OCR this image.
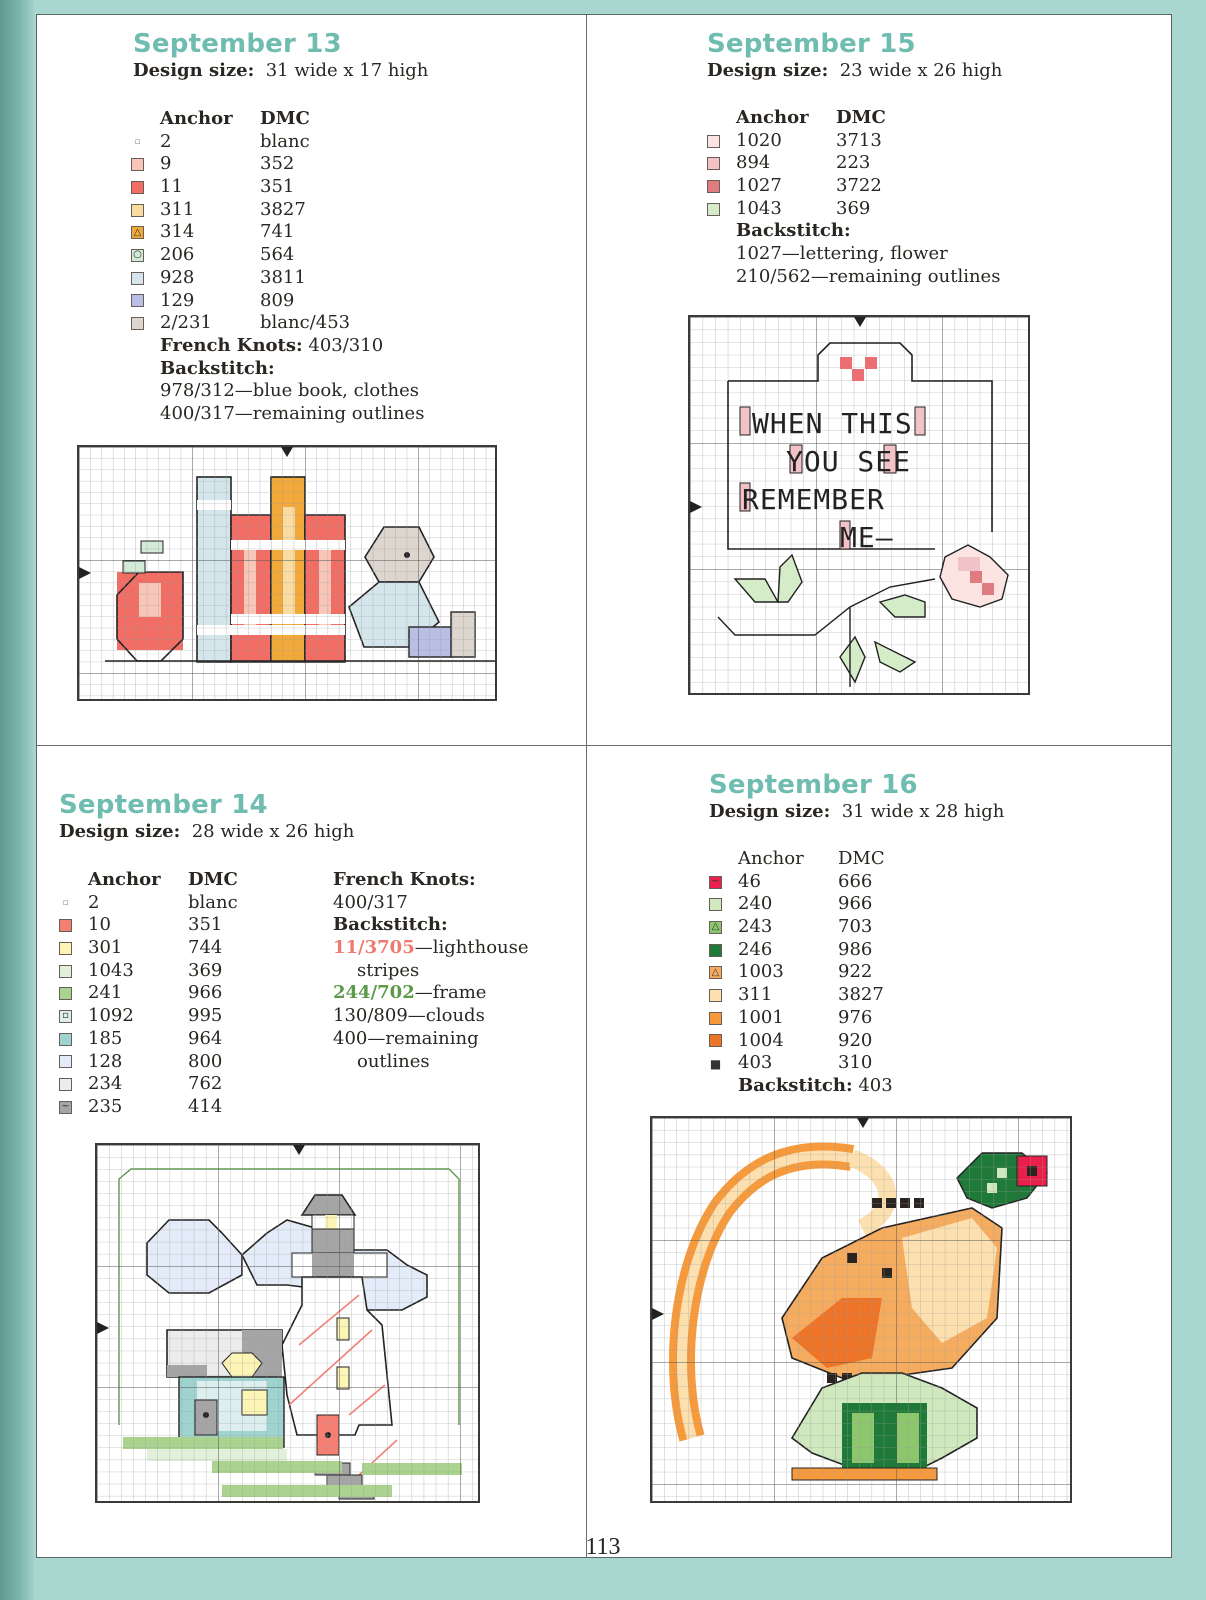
September 13
Design size: 31 wide x 17 high
Anchor	DMC
▫ 2	blanc
9	352
11	351
311	3827
△ 314	741
○ 206	564
928	3811
129	809
2/231	blanc/453
French Knots:
403/310
Backstitch:
978/312—blue book, clothes
400/317—remaining outlines
September 15
Design size: 23 wide x 26 high
Anchor	DMC
1020	3713
894	223
1027	3722
1043	369
Backstitch:
1027—lettering, flower
210/562—remaining outlines
WHEN THIS
YOU SEE
REMEMBER
ME—
September 14
Design size: 28 wide x 26 high
Anchor	DMC
▫ 2	blanc
10	351
301	744
1043	369
241	966
▫ 1092	995
185	964
128	800
234	762
~ 235	414
French Knots:
400/317
Backstitch:
11/3705 —lighthouse
stripes
244/702 —frame
130/809—clouds
400—remaining
outlines
September 16
Design size: 31 wide x 28 high
Anchor	DMC
~ 46	666
240	966
△ 243	703
246	986
△ 1003	922
311	3827
1001	976
1004	920
■ 403	310
Backstitch:
403
113
